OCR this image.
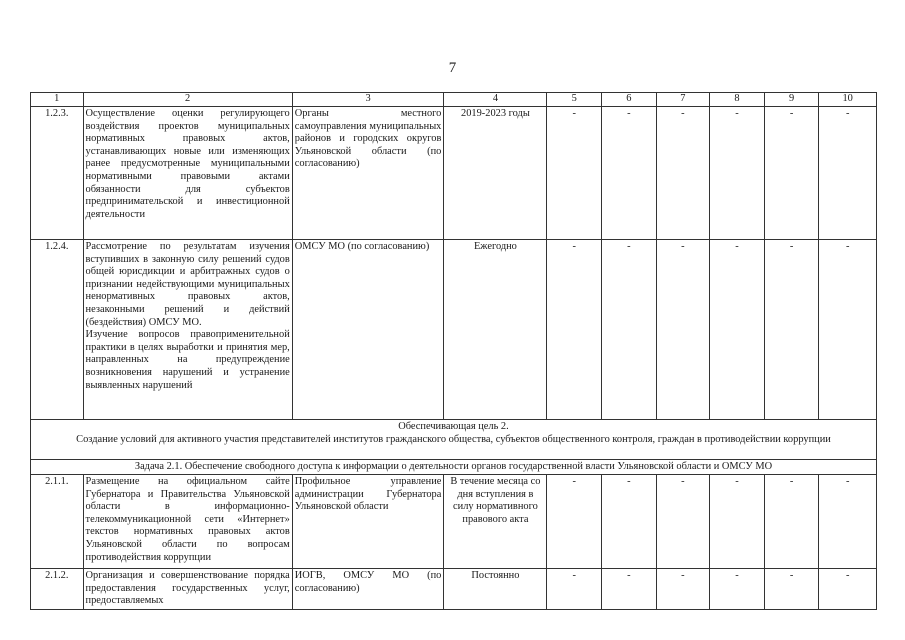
7
1	2	3	4	5	6	7	8	9	10
1.2.3.	Осуществление оценки регулирующего воздействия проектов муниципальных нормативных правовых актов, устанавливающих новые или изменяющих ранее предусмотренные муниципальными нормативными правовыми актами обязанности для субъектов предпринимательской и инвестиционной деятельности	Органы местного самоуправления муниципальных районов и городских округов Ульяновской области (по согласованию)	2019-2023 годы	-	-	-	-	-	-
1.2.4.	Рассмотрение по результатам изучения вступивших в законную силу решений судов общей юрисдикции и арбитражных судов о признании недействующими муниципальных ненормативных правовых актов, незаконными решений и действий (бездействия) ОМСУ МО.
Изучение вопросов правоприменительной практики в целях выработки и принятия мер, направленных на предупреждение возникновения нарушений и устранение выявленных нарушений	ОМСУ МО (по согласованию)	Ежегодно	-	-	-	-	-	-

Обеспечивающая цель 2.
Создание условий для активного участия представителей институтов гражданского общества, субъектов общественного контроля, граждан в противодействии коррупции									

Задача 2.1. Обеспечение свободного доступа к информации о деятельности органов государственной власти Ульяновской области и ОМСУ МО									
2.1.1.	Размещение на официальном сайте Губернатора и Правительства Ульяновской области в информационно-телекоммуникационной сети «Интернет» текстов нормативных правовых актов Ульяновской области по вопросам противодействия коррупции	Профильное управление администрации Губернатора Ульяновской области	В течение месяца со дня вступления в силу нормативного правового акта	-	-	-	-	-	-
2.1.2.	Организация и совершенствование порядка предоставления государственных услуг, предоставляемых	ИОГВ, ОМСУ МО (по согласованию)	Постоянно	-	-	-	-	-	-
